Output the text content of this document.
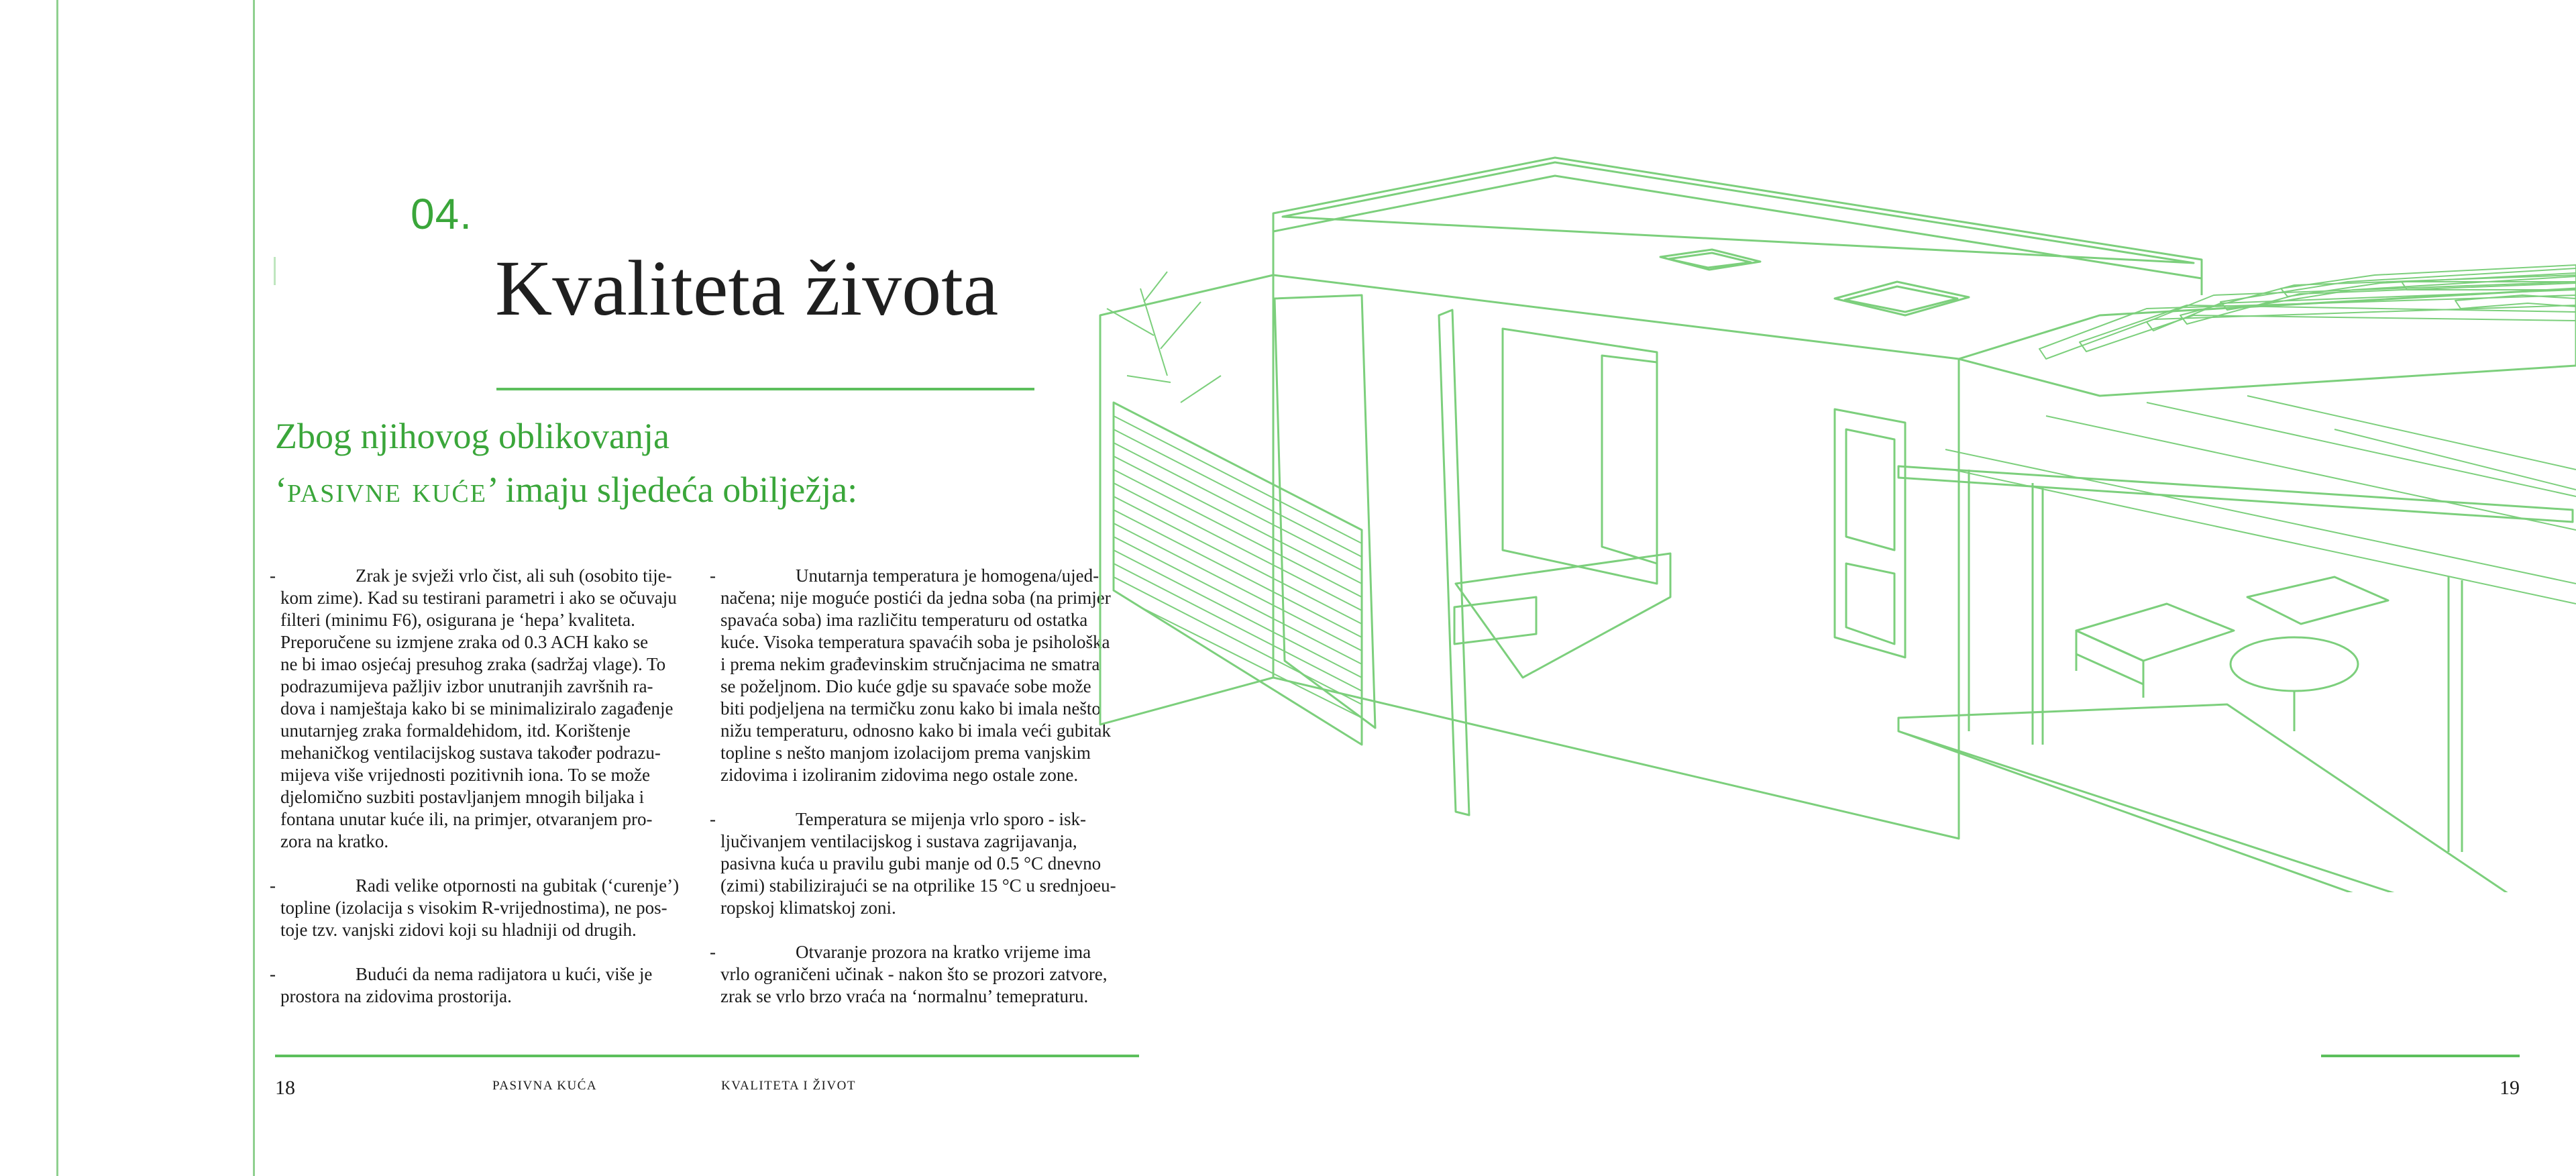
04.
Kvaliteta života
Zbog njihovog oblikovanja
‘pasivne kuće’ imaju sljedeća obilježja:
-	Zrak je svježi vrlo čist, ali suh (osobito tije-
kom zime). Kad su testirani parametri i ako se očuvaju
filteri (minimu F6), osigurana je ‘hepa’ kvaliteta.
Preporučene su izmjene zraka od 0.3 ACH kako se
ne bi imao osjećaj presuhog zraka (sadržaj vlage). To
podrazumijeva pažljiv izbor unutranjih završnih ra-
dova i namještaja kako bi se minimaliziralo zagađenje
unutarnjeg zraka formaldehidom, itd. Korištenje
mehaničkog ventilacijskog sustava također podrazu-
mijeva više vrijednosti pozitivnih iona. To se može
djelomično suzbiti postavljanjem mnogih biljaka i
fontana unutar kuće ili, na primjer, otvaranjem pro-
zora na kratko.
-	Radi velike otpornosti na gubitak (‘curenje’)
topline (izolacija s visokim R-vrijednostima), ne pos-
toje tzv. vanjski zidovi koji su hladniji od drugih.
-	Budući da nema radijatora u kući, više je
prostora na zidovima prostorija.
-	Unutarnja temperatura je homogena/ujed-
načena; nije moguće postići da jedna soba (na primjer
spavaća soba) ima različitu temperaturu od ostatka
kuće. Visoka temperatura spavaćih soba je psihološka
i prema nekim građevinskim stručnjacima ne smatra
se poželjnom. Dio kuće gdje su spavaće sobe može
biti podjeljena na termičku zonu kako bi imala nešto
nižu temperaturu, odnosno kako bi imala veći gubitak
topline s nešto manjom izolacijom prema vanjskim
zidovima i izoliranim zidovima nego ostale zone.
-	Temperatura se mijenja vrlo sporo - isk-
ljučivanjem ventilacijskog i sustava zagrijavanja,
pasivna kuća u pravilu gubi manje od 0.5 °C dnevno
(zimi) stabilizirajući se na otprilike 15 °C u srednjoeu-
ropskoj klimatskoj zoni.
-	Otvaranje prozora na kratko vrijeme ima
vrlo ograničeni učinak - nakon što se prozori zatvore,
zrak se vrlo brzo vraća na ‘normalnu’ temepraturu.
18	PASIVNA KUĆA	KVALITETA I ŽIVOT	19
